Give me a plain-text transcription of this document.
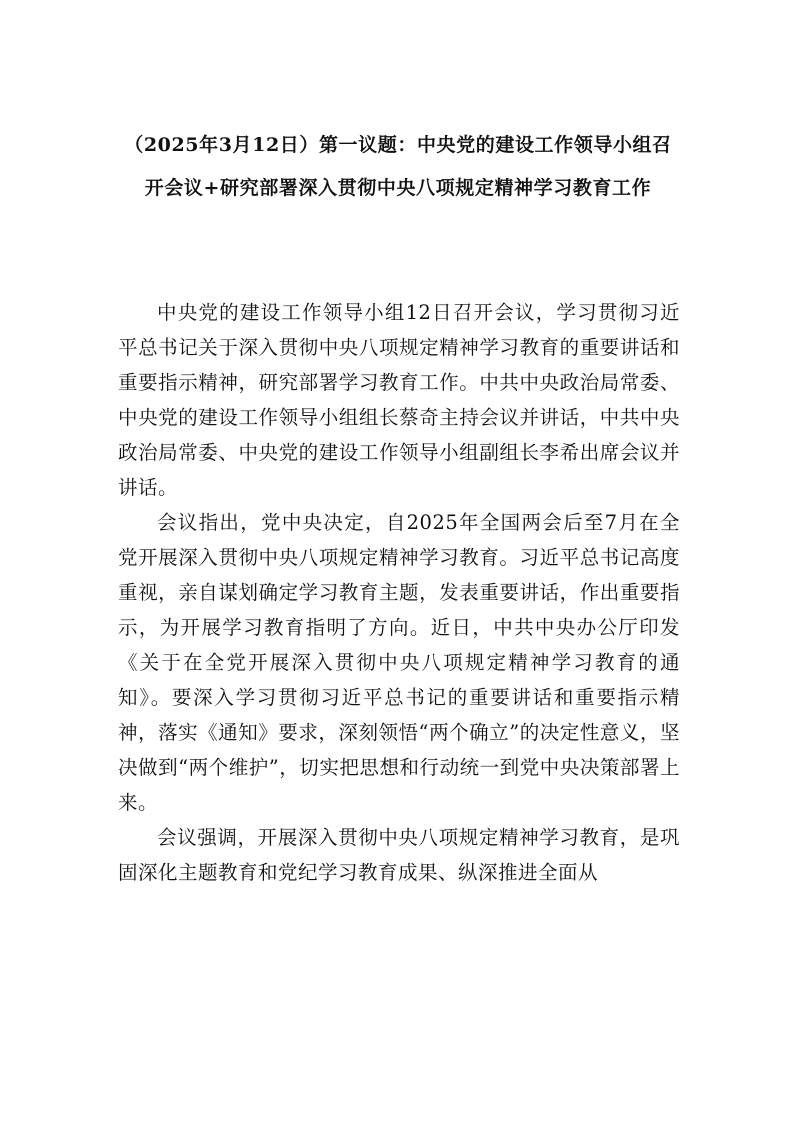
（2025年3月12日）第一议题：中央党的建设工作领导小组召开会议+研究部署深入贯彻中央八项规定精神学习教育工作

中央党的建设工作领导小组12日召开会议，学习贯彻习近平总书记关于深入贯彻中央八项规定精神学习教育的重要讲话和重要指示精神，研究部署学习教育工作。中共中央政治局常委、中央党的建设工作领导小组组长蔡奇主持会议并讲话，中共中央政治局常委、中央党的建设工作领导小组副组长李希出席会议并讲话。

会议指出，党中央决定，自2025年全国两会后至7月在全党开展深入贯彻中央八项规定精神学习教育。习近平总书记高度重视，亲自谋划确定学习教育主题，发表重要讲话，作出重要指示，为开展学习教育指明了方向。近日，中共中央办公厅印发《关于在全党开展深入贯彻中央八项规定精神学习教育的通知》。要深入学习贯彻习近平总书记的重要讲话和重要指示精神，落实《通知》要求，深刻领悟“两个确立”的决定性意义，坚决做到“两个维护”，切实把思想和行动统一到党中央决策部署上来。

会议强调，开展深入贯彻中央八项规定精神学习教育，是巩固深化主题教育和党纪学习教育成果、纵深推进全面从
